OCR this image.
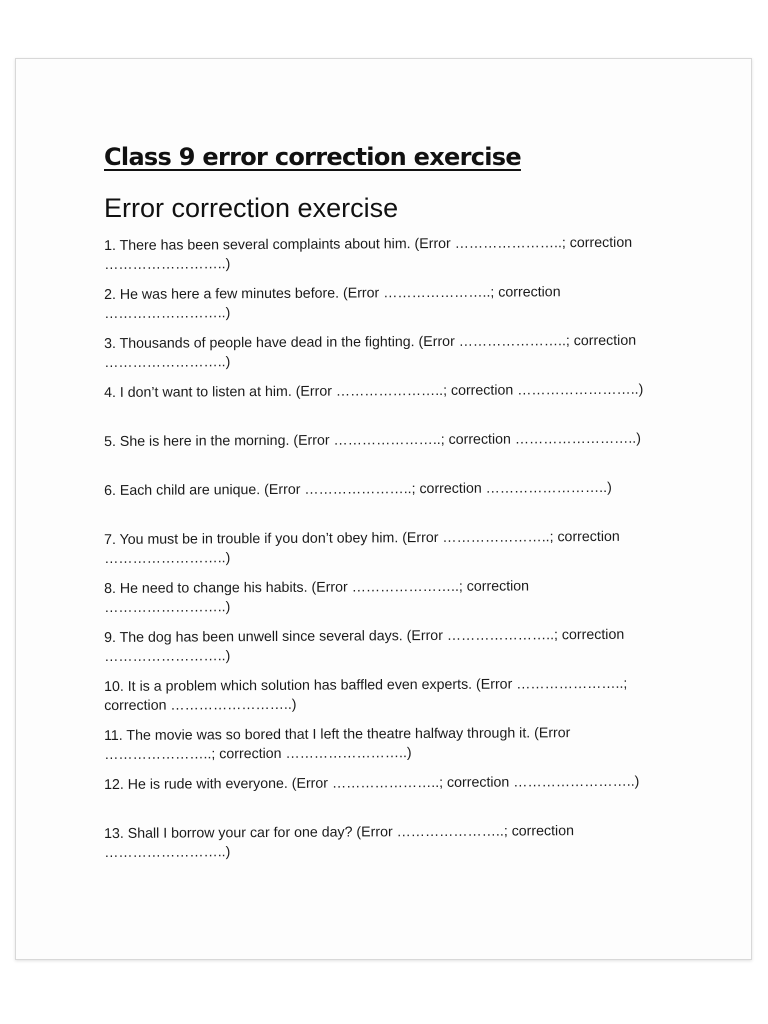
Class 9 error correction exercise
Error correction exercise
1. There has been several complaints about him. (Error …………………..; correction ……………………..)
2. He was here a few minutes before. (Error …………………..; correction ……………………..)
3. Thousands of people have dead in the fighting. (Error …………………..; correction ……………………..)
4. I don’t want to listen at him. (Error …………………..; correction ……………………..)
5. She is here in the morning. (Error …………………..; correction ……………………..)
6. Each child are unique. (Error …………………..; correction ……………………..)
7. You must be in trouble if you don’t obey him. (Error …………………..; correction ……………………..)
8. He need to change his habits. (Error …………………..; correction ……………………..)
9. The dog has been unwell since several days. (Error …………………..; correction ……………………..)
10. It is a problem which solution has baffled even experts. (Error …………………..; correction ……………………..)
11. The movie was so bored that I left the theatre halfway through it. (Error …………………..; correction ……………………..)
12. He is rude with everyone. (Error …………………..; correction ……………………..)
13. Shall I borrow your car for one day? (Error …………………..; correction ……………………..)
